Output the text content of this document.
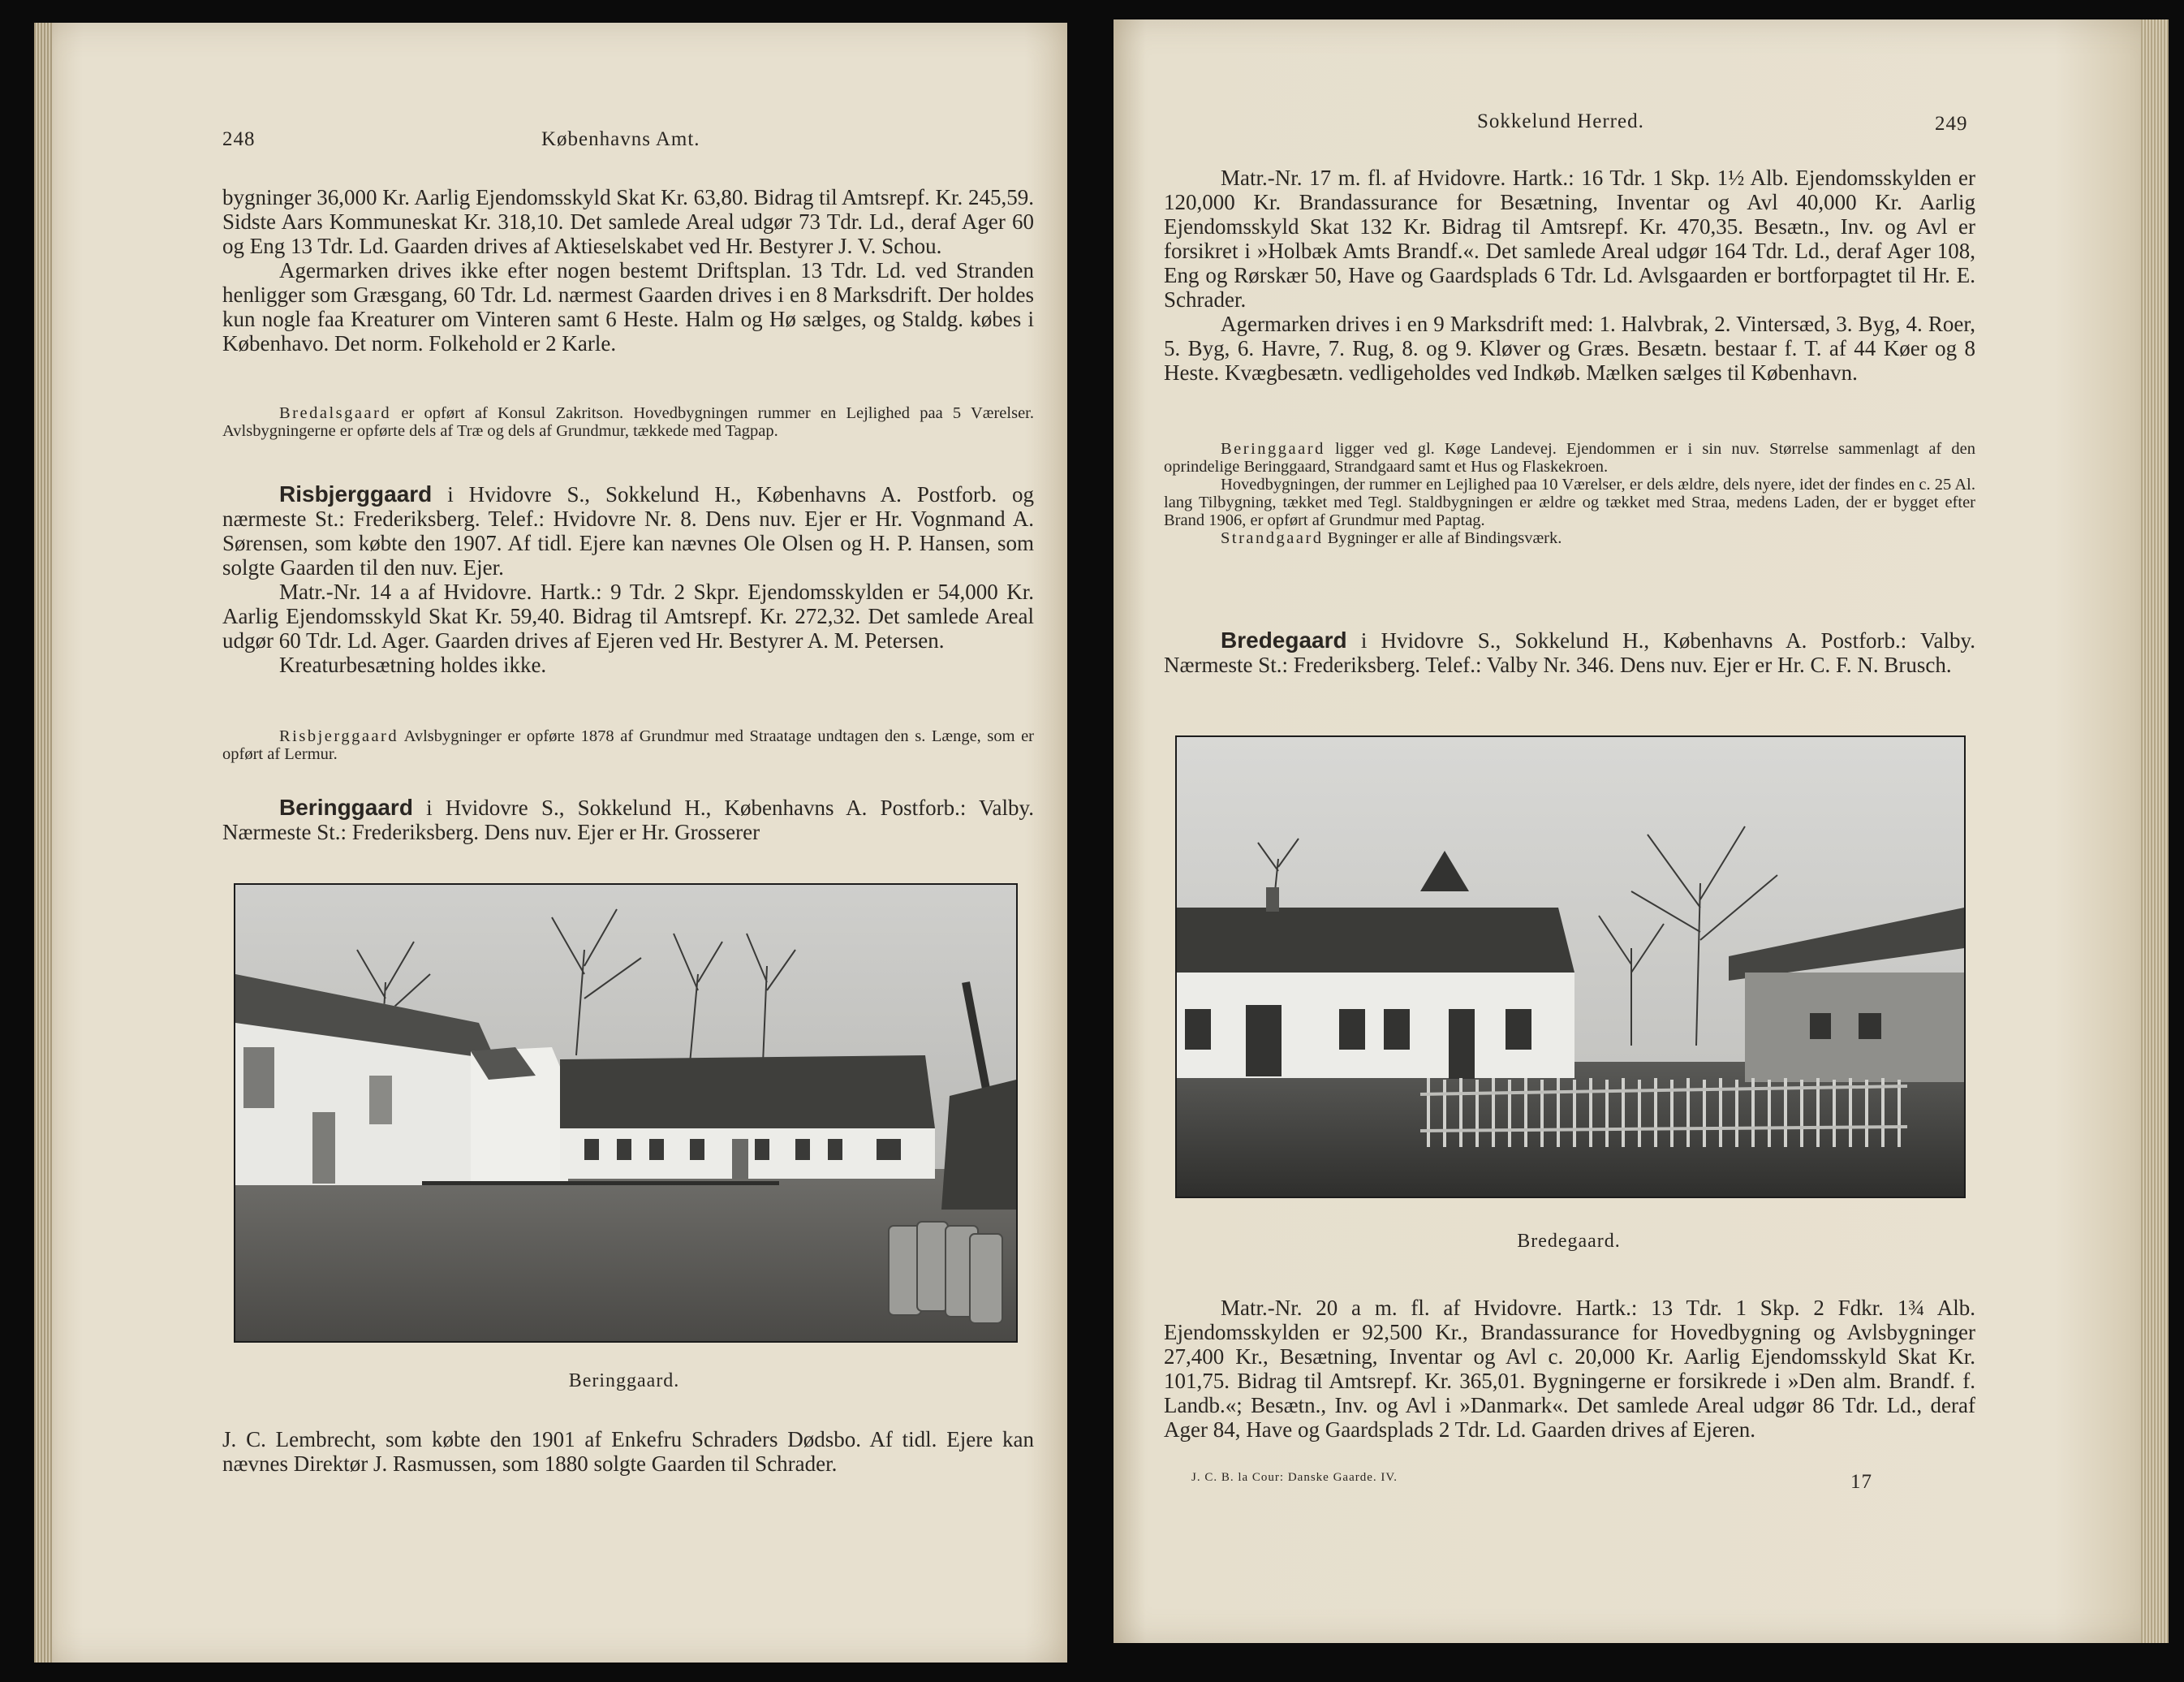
248	Københavns Amt.

bygninger 36,000 Kr. Aarlig Ejendomsskyld Skat Kr. 63,80. Bidrag til Amtsrepf. Kr. 245,59. Sidste Aars Kommuneskat Kr. 318,10. Det samlede Areal udgør 73 Tdr. Ld., deraf Ager 60 og Eng 13 Tdr. Ld. Gaarden drives af Aktieselskabet ved Hr. Bestyrer J. V. Schou.

Agermarken drives ikke efter nogen bestemt Driftsplan. 13 Tdr. Ld. ved Stranden henligger som Græsgang, 60 Tdr. Ld. nærmest Gaarden drives i en 8 Marksdrift. Der holdes kun nogle faa Kreaturer om Vinteren samt 6 Heste. Halm og Hø sælges, og Staldg. købes i Københavo. Det norm. Folkehold er 2 Karle.

Bredalsgaard er opført af Konsul Zakritson. Hovedbygningen rummer en Lejlighed paa 5 Værelser. Avlsbygningerne er opførte dels af Træ og dels af Grundmur, tækkede med Tagpap.

Risbjerggaard i Hvidovre S., Sokkelund H., Københavns A. Postforb. og nærmeste St.: Frederiksberg. Telef.: Hvidovre Nr. 8. Dens nuv. Ejer er Hr. Vognmand A. Sørensen, som købte den 1907. Af tidl. Ejere kan nævnes Ole Olsen og H. P. Hansen, som solgte Gaarden til den nuv. Ejer.

Matr.-Nr. 14 a af Hvidovre. Hartk.: 9 Tdr. 2 Skpr. Ejendomsskylden er 54,000 Kr. Aarlig Ejendomsskyld Skat Kr. 59,40. Bidrag til Amtsrepf. Kr. 272,32. Det samlede Areal udgør 60 Tdr. Ld. Ager. Gaarden drives af Ejeren ved Hr. Bestyrer A. M. Petersen.

Kreaturbesætning holdes ikke.

Risbjerggaard Avlsbygninger er opførte 1878 af Grundmur med Straatage undtagen den s. Længe, som er opført af Lermur.

Beringgaard i Hvidovre S., Sokkelund H., Københavns A. Postforb.: Valby. Nærmeste St.: Frederiksberg. Dens nuv. Ejer er Hr. Grosserer

Beringgaard.

J. C. Lembrecht, som købte den 1901 af Enkefru Schraders Dødsbo. Af tidl. Ejere kan nævnes Direktør J. Rasmussen, som 1880 solgte Gaarden til Schrader.

Sokkelund Herred.	249

Matr.-Nr. 17 m. fl. af Hvidovre. Hartk.: 16 Tdr. 1 Skp. 1½ Alb. Ejendomsskylden er 120,000 Kr. Brandassurance for Besætning, Inventar og Avl 40,000 Kr. Aarlig Ejendomsskyld Skat 132 Kr. Bidrag til Amtsrepf. Kr. 470,35. Besætn., Inv. og Avl er forsikret i »Holbæk Amts Brandf.«. Det samlede Areal udgør 164 Tdr. Ld., deraf Ager 108, Eng og Rørskær 50, Have og Gaardsplads 6 Tdr. Ld. Avlsgaarden er bortforpagtet til Hr. E. Schrader.

Agermarken drives i en 9 Marksdrift med: 1. Halvbrak, 2. Vintersæd, 3. Byg, 4. Roer, 5. Byg, 6. Havre, 7. Rug, 8. og 9. Kløver og Græs. Besætn. bestaar f. T. af 44 Køer og 8 Heste. Kvægbesætn. vedligeholdes ved Indkøb. Mælken sælges til København.

Beringgaard ligger ved gl. Køge Landevej. Ejendommen er i sin nuv. Størrelse sammenlagt af den oprindelige Beringgaard, Strandgaard samt et Hus og Flaskekroen.

Hovedbygningen, der rummer en Lejlighed paa 10 Værelser, er dels ældre, dels nyere, idet der findes en c. 25 Al. lang Tilbygning, tækket med Tegl. Staldbygningen er ældre og tækket med Straa, medens Laden, der er bygget efter Brand 1906, er opført af Grundmur med Paptag.

Strandgaard Bygninger er alle af Bindingsværk.

Bredegaard i Hvidovre S., Sokkelund H., Københavns A. Postforb.: Valby. Nærmeste St.: Frederiksberg. Telef.: Valby Nr. 346. Dens nuv. Ejer er Hr. C. F. N. Brusch.

Bredegaard.

Matr.-Nr. 20 a m. fl. af Hvidovre. Hartk.: 13 Tdr. 1 Skp. 2 Fdkr. 1¾ Alb. Ejendomsskylden er 92,500 Kr., Brandassurance for Hovedbygning og Avlsbygninger 27,400 Kr., Besætning, Inventar og Avl c. 20,000 Kr. Aarlig Ejendomsskyld Skat Kr. 101,75. Bidrag til Amtsrepf. Kr. 365,01. Bygningerne er forsikrede i »Den alm. Brandf. f. Landb.«; Besætn., Inv. og Avl i »Danmark«. Det samlede Areal udgør 86 Tdr. Ld., deraf Ager 84, Have og Gaardsplads 2 Tdr. Ld. Gaarden drives af Ejeren.

J. C. B. la Cour: Danske Gaarde. IV.	17
